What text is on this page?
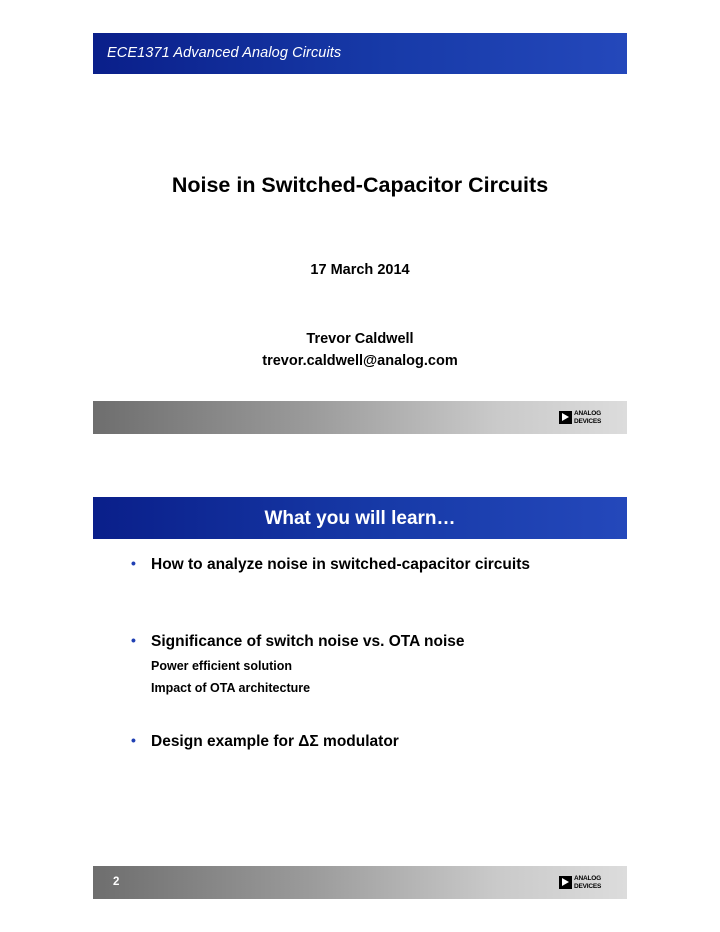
ECE1371 Advanced Analog Circuits
Noise in Switched-Capacitor Circuits
17 March 2014
Trevor Caldwell
trevor.caldwell@analog.com
ANALOG
DEVICES
What you will learn…
• How to analyze noise in switched-capacitor circuits
• Significance of switch noise vs. OTA noise
Power efficient solution
Impact of OTA architecture
• Design example for ΔΣ modulator
2	ANALOG
DEVICES
